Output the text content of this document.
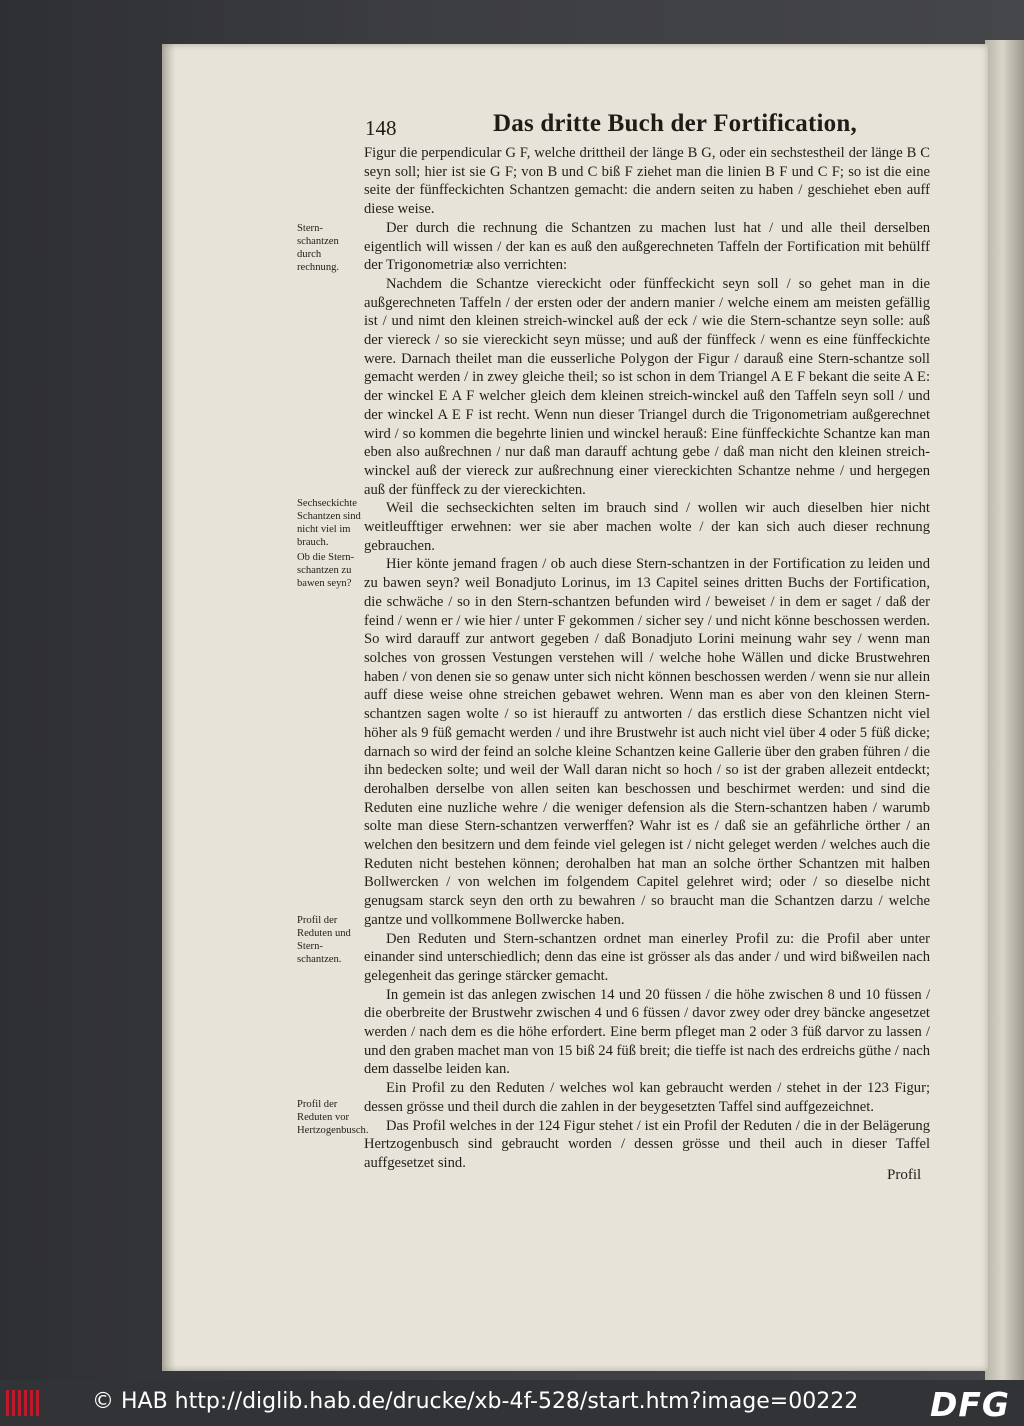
148	Das dritte Buch der Fortification,

Figur die perpendicular G F, welche drittheil der länge B G, oder ein sechstestheil der länge B C seyn soll; hier ist sie G F; von B und C biß F ziehet man die linien B F und C F; so ist die eine seite der fünffeckichten Schantzen gemacht: die andern seiten zu haben / geschiehet eben auff diese weise.

Der durch die rechnung die Schantzen zu machen lust hat / und alle theil derselben eigentlich will wissen / der kan es auß den außgerechneten Taffeln der Fortification mit behülff der Trigonometriæ also verrichten:

Nachdem die Schantze viereckicht oder fünffeckicht seyn soll / so gehet man in die außgerechneten Taffeln / der ersten oder der andern manier / welche einem am meisten gefällig ist / und nimt den kleinen streich-winckel auß der eck / wie die Stern-schantze seyn solle: auß der viereck / so sie viereckicht seyn müsse; und auß der fünffeck / wenn es eine fünffeckichte were. Darnach theilet man die eusserliche Polygon der Figur / darauß eine Stern-schantze soll gemacht werden / in zwey gleiche theil; so ist schon in dem Triangel A E F bekant die seite A E: der winckel E A F welcher gleich dem kleinen streich-winckel auß den Taffeln seyn soll / und der winckel A E F ist recht. Wenn nun dieser Triangel durch die Trigonometriam außgerechnet wird / so kommen die begehrte linien und winckel herauß: Eine fünffeckichte Schantze kan man eben also außrechnen / nur daß man darauff achtung gebe / daß man nicht den kleinen streich-winckel auß der viereck zur außrechnung einer viereckichten Schantze nehme / und hergegen auß der fünffeck zu der viereckichten.

Weil die sechseckichten selten im brauch sind / wollen wir auch dieselben hier nicht weitleufftiger erwehnen: wer sie aber machen wolte / der kan sich auch dieser rechnung gebrauchen.

Hier könte jemand fragen / ob auch diese Stern-schantzen in der Fortification zu leiden und zu bawen seyn? weil Bonadjuto Lorinus, im 13 Capitel seines dritten Buchs der Fortification, die schwäche / so in den Stern-schantzen befunden wird / beweiset / in dem er saget / daß der feind / wenn er / wie hier / unter F gekommen / sicher sey / und nicht könne beschossen werden. So wird darauff zur antwort gegeben / daß Bonadjuto Lorini meinung wahr sey / wenn man solches von grossen Vestungen verstehen will / welche hohe Wällen und dicke Brustwehren haben / von denen sie so genaw unter sich nicht können beschossen werden / wenn sie nur allein auff diese weise ohne streichen gebawet wehren. Wenn man es aber von den kleinen Stern-schantzen sagen wolte / so ist hierauff zu antworten / das erstlich diese Schantzen nicht viel höher als 9 füß gemacht werden / und ihre Brustwehr ist auch nicht viel über 4 oder 5 füß dicke; darnach so wird der feind an solche kleine Schantzen keine Gallerie über den graben führen / die ihn bedecken solte; und weil der Wall daran nicht so hoch / so ist der graben allezeit entdeckt; derohalben derselbe von allen seiten kan beschossen und beschirmet werden: und sind die Reduten eine nuzliche wehre / die weniger defension als die Stern-schantzen haben / warumb solte man diese Stern-schantzen verwerffen? Wahr ist es / daß sie an gefährliche örther / an welchen den besitzern und dem feinde viel gelegen ist / nicht geleget werden / welches auch die Reduten nicht bestehen können; derohalben hat man an solche örther Schantzen mit halben Bollwercken / von welchen im folgendem Capitel gelehret wird; oder / so dieselbe nicht genugsam starck seyn den orth zu bewahren / so braucht man die Schantzen darzu / welche gantze und vollkommene Bollwercke haben.

Den Reduten und Stern-schantzen ordnet man einerley Profil zu: die Profil aber unter einander sind unterschiedlich; denn das eine ist grösser als das ander / und wird bißweilen nach gelegenheit das geringe stärcker gemacht.

In gemein ist das anlegen zwischen 14 und 20 füssen / die höhe zwischen 8 und 10 füssen / die oberbreite der Brustwehr zwischen 4 und 6 füssen / davor zwey oder drey bäncke angesetzet werden / nach dem es die höhe erfordert. Eine berm pfleget man 2 oder 3 füß darvor zu lassen / und den graben machet man von 15 biß 24 füß breit; die tieffe ist nach des erdreichs güthe / nach dem dasselbe leiden kan.

Ein Profil zu den Reduten / welches wol kan gebraucht werden / stehet in der 123 Figur; dessen grösse und theil durch die zahlen in der beygesetzten Taffel sind auffgezeichnet.

Das Profil welches in der 124 Figur stehet / ist ein Profil der Reduten / die in der Belägerung Hertzogenbusch sind gebraucht worden / dessen grösse und theil auch in dieser Taffel auffgesetzet sind.

Stern-schantzen durch rechnung.
Sechseckichte Schantzen sind nicht viel im brauch.
Ob die Stern-schantzen zu bawen seyn?
Profil der Reduten und Stern-schantzen.
Profil der Reduten vor Hertzogenbusch.
Profil
© HAB http://diglib.hab.de/drucke/xb-4f-528/start.htm?image=00222 DFG
